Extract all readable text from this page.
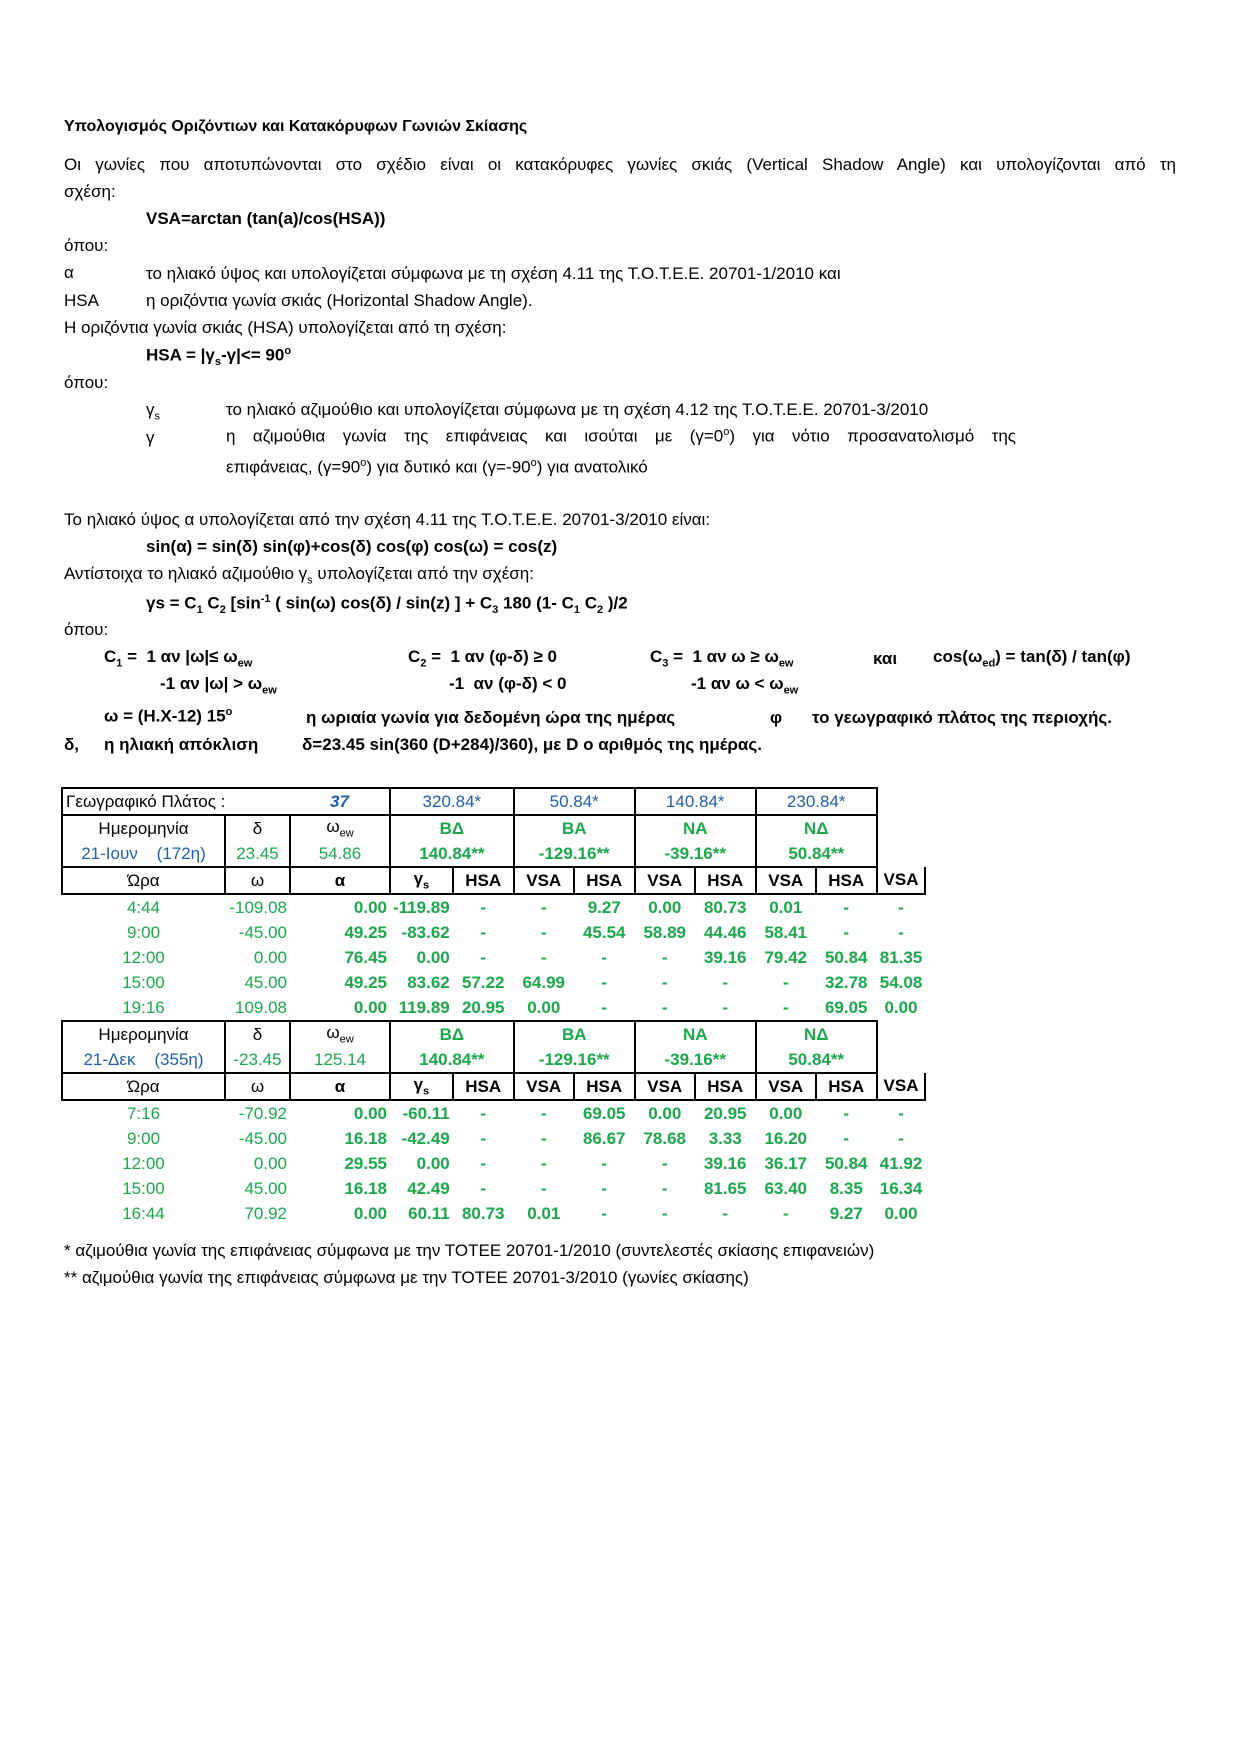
Υπολογισμός Οριζόντιων και Κατακόρυφων Γωνιών Σκίασης
Οι γωνίες που αποτυπώνονται στο σχέδιο είναι οι κατακόρυφες γωνίες σκιάς (Vertical Shadow Angle) και υπολογίζονται από τη
σχέση:
VSA=arctan (tan(a)/cos(HSA))
όπου:
α	το ηλιακό ύψος και υπολογίζεται σύμφωνα με τη σχέση 4.11 της Τ.Ο.Τ.Ε.Ε. 20701-1/2010 και
HSA	η οριζόντια γωνία σκιάς (Horizontal Shadow Angle).
Η οριζόντια γωνία σκιάς (HSA) υπολογίζεται από τη σχέση:
HSA = $|\gamma_s-\gamma|<= 90^o$
όπου:
$\gamma_s$	το ηλιακό αζιμούθιο και υπολογίζεται σύμφωνα με τη σχέση 4.12 της Τ.Ο.Τ.Ε.Ε. 20701-3/2010
γ	η αζιμούθια γωνία της επιφάνειας και ισούται με $(\gamma=0^o)$ για νότιο προσανατολισμό της
επιφάνειας, $(\gamma=90^o)$ για δυτικό και $(\gamma=-90^o)$ για ανατολικό
Το ηλιακό ύψος α υπολογίζεται από την σχέση 4.11 της Τ.Ο.Τ.Ε.Ε. 20701-3/2010 είναι:
sin(α) = sin(δ) sin(φ)+cos(δ) cos(φ) cos(ω) = cos(z)
Αντίστοιχα το ηλιακό αζιμούθιο $\gamma_s$ υπολογίζεται από την σχέση:
$\gamma s = C_1$ $C_2$ [$\sin^{-1}$ ( sin(ω) cos(δ) / sin(z) ] + $C_3$ 180 (1- $C_1$ $C_2$ )/2
όπου:
$C_1 = 1$ αν $|\omega|\le \omega_{ew}$
-1 αν $|\omega| > \omega_{ew}$
$C_2 = 1$ αν (φ-δ) ≥ 0
-1  αν (φ-δ) < 0
$C_3 = 1$ αν $\omega \ge \omega_{ew}$
-1 αν $\omega < \omega_{ew}$
και $\cos(\omega_{ed}) = \tan(\delta) / \tan(\varphi)$
ω = (Η.Χ-12) 15$^o$	η ωριαία γωνία για δεδομένη ώρα της ημέρας	φ το γεωγραφικό πλάτος της περιοχής.
δ, η ηλιακή απόκλιση	δ=23.45 sin(360 (D+284)/360), με D ο αριθμός της ημέρας.
Γεωγραφικό Πλάτος :		37	320.84*		50.84*		140.84*		230.84*		
Ημερομηνία	δ	$\omega_{ew}$	ΒΔ		ΒΑ		ΝΑ		ΝΔ		
21-Ιουν (172η)	23.45	54.86	140.84**		-129.16**		-39.16**		50.84**		
Ώρα	ω	α	$\gamma_s$	HSA	VSA	HSA	VSA	HSA	VSA	HSA	VSA
4:44	-109.08	0.00	-119.89	-	-	9.27	0.00	80.73	0.01	-	-
9:00	-45.00	49.25	-83.62	-	-	45.54	58.89	44.46	58.41	-	-
12:00	0.00	76.45	0.00	-	-	-	-	39.16	79.42	50.84	81.35
15:00	45.00	49.25	83.62	57.22	64.99	-	-	-	-	32.78	54.08
19:16	109.08	0.00	119.89	20.95	0.00	-	-	-	-	69.05	0.00
Ημερομηνία	δ	$\omega_{ew}$	ΒΔ		ΒΑ		ΝΑ		ΝΔ		
21-Δεκ (355η)	-23.45	125.14	140.84**		-129.16**		-39.16**		50.84**		
Ώρα	ω	α	$\gamma_s$	HSA	VSA	HSA	VSA	HSA	VSA	HSA	VSA
7:16	-70.92	0.00	-60.11	-	-	69.05	0.00	20.95	0.00	-	-
9:00	-45.00	16.18	-42.49	-	-	86.67	78.68	3.33	16.20	-	-
12:00	0.00	29.55	0.00	-	-	-	-	39.16	36.17	50.84	41.92
15:00	45.00	16.18	42.49	-	-	-	-	81.65	63.40	8.35	16.34
16:44	70.92	0.00	60.11	80.73	0.01	-	-	-	-	9.27	0.00
* αζιμούθια γωνία της επιφάνειας σύμφωνα με την ΤΟΤΕΕ 20701-1/2010 (συντελεστές σκίασης επιφανειών)
** αζιμούθια γωνία της επιφάνειας σύμφωνα με την ΤΟΤΕΕ 20701-3/2010 (γωνίες σκίασης)
